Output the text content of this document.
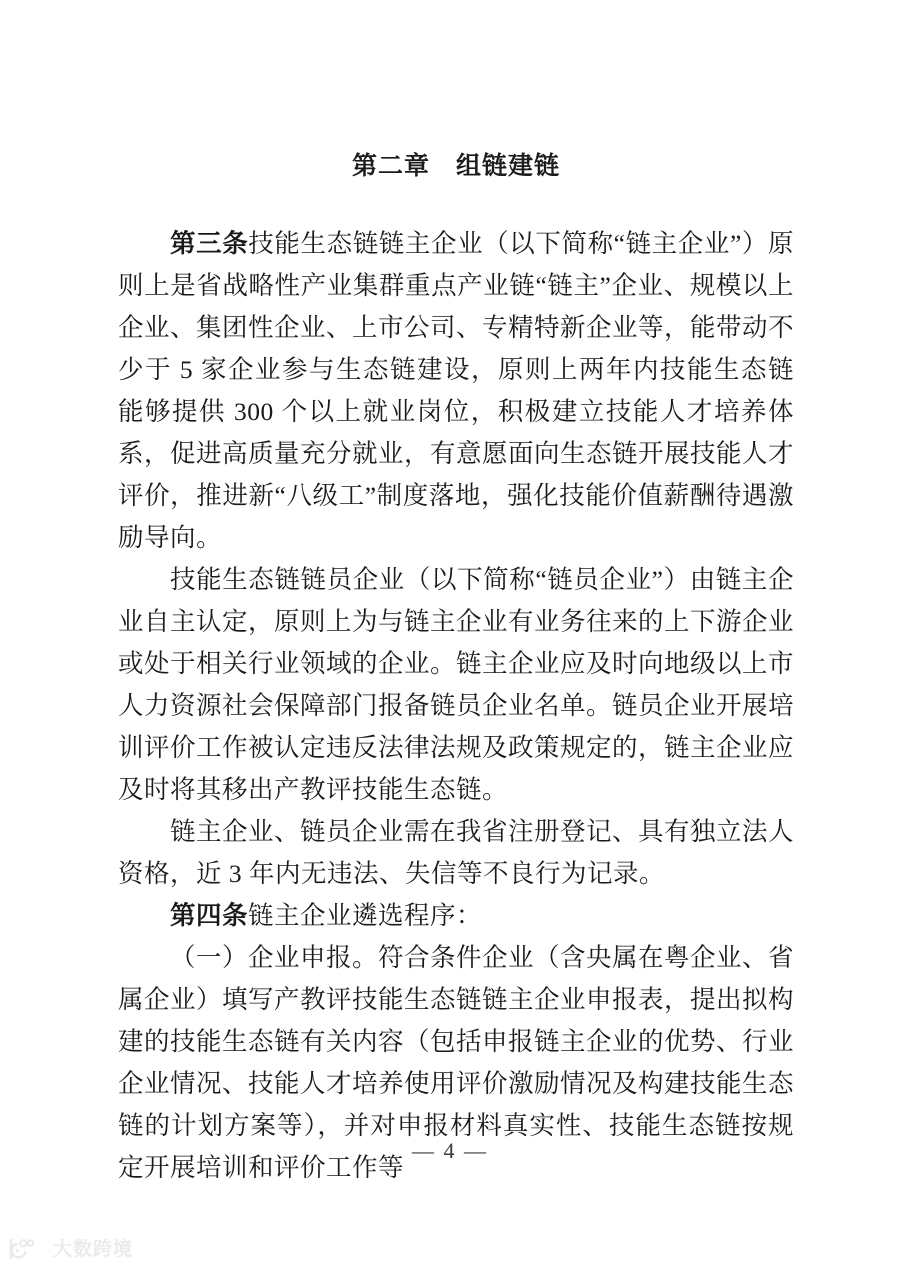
第二章　组链建链

第三条技能生态链链主企业（以下简称“链主企业”）原则上是省战略性产业集群重点产业链“链主”企业、规模以上企业、集团性企业、上市公司、专精特新企业等，能带动不少于 5 家企业参与生态链建设，原则上两年内技能生态链能够提供 300 个以上就业岗位，积极建立技能人才培养体系，促进高质量充分就业，有意愿面向生态链开展技能人才评价，推进新“八级工”制度落地，强化技能价值薪酬待遇激励导向。

技能生态链链员企业（以下简称“链员企业”）由链主企业自主认定，原则上为与链主企业有业务往来的上下游企业或处于相关行业领域的企业。链主企业应及时向地级以上市人力资源社会保障部门报备链员企业名单。链员企业开展培训评价工作被认定违反法律法规及政策规定的，链主企业应及时将其移出产教评技能生态链。

链主企业、链员企业需在我省注册登记、具有独立法人资格，近 3 年内无违法、失信等不良行为记录。

第四条链主企业遴选程序：

（一）企业申报。符合条件企业（含央属在粤企业、省属企业）填写产教评技能生态链链主企业申报表，提出拟构建的技能生态链有关内容（包括申报链主企业的优势、行业企业情况、技能人才培养使用评价激励情况及构建技能生态链的计划方案等），并对申报材料真实性、技能生态链按规定开展培训和评价工作等

— 4 —
大数跨境
